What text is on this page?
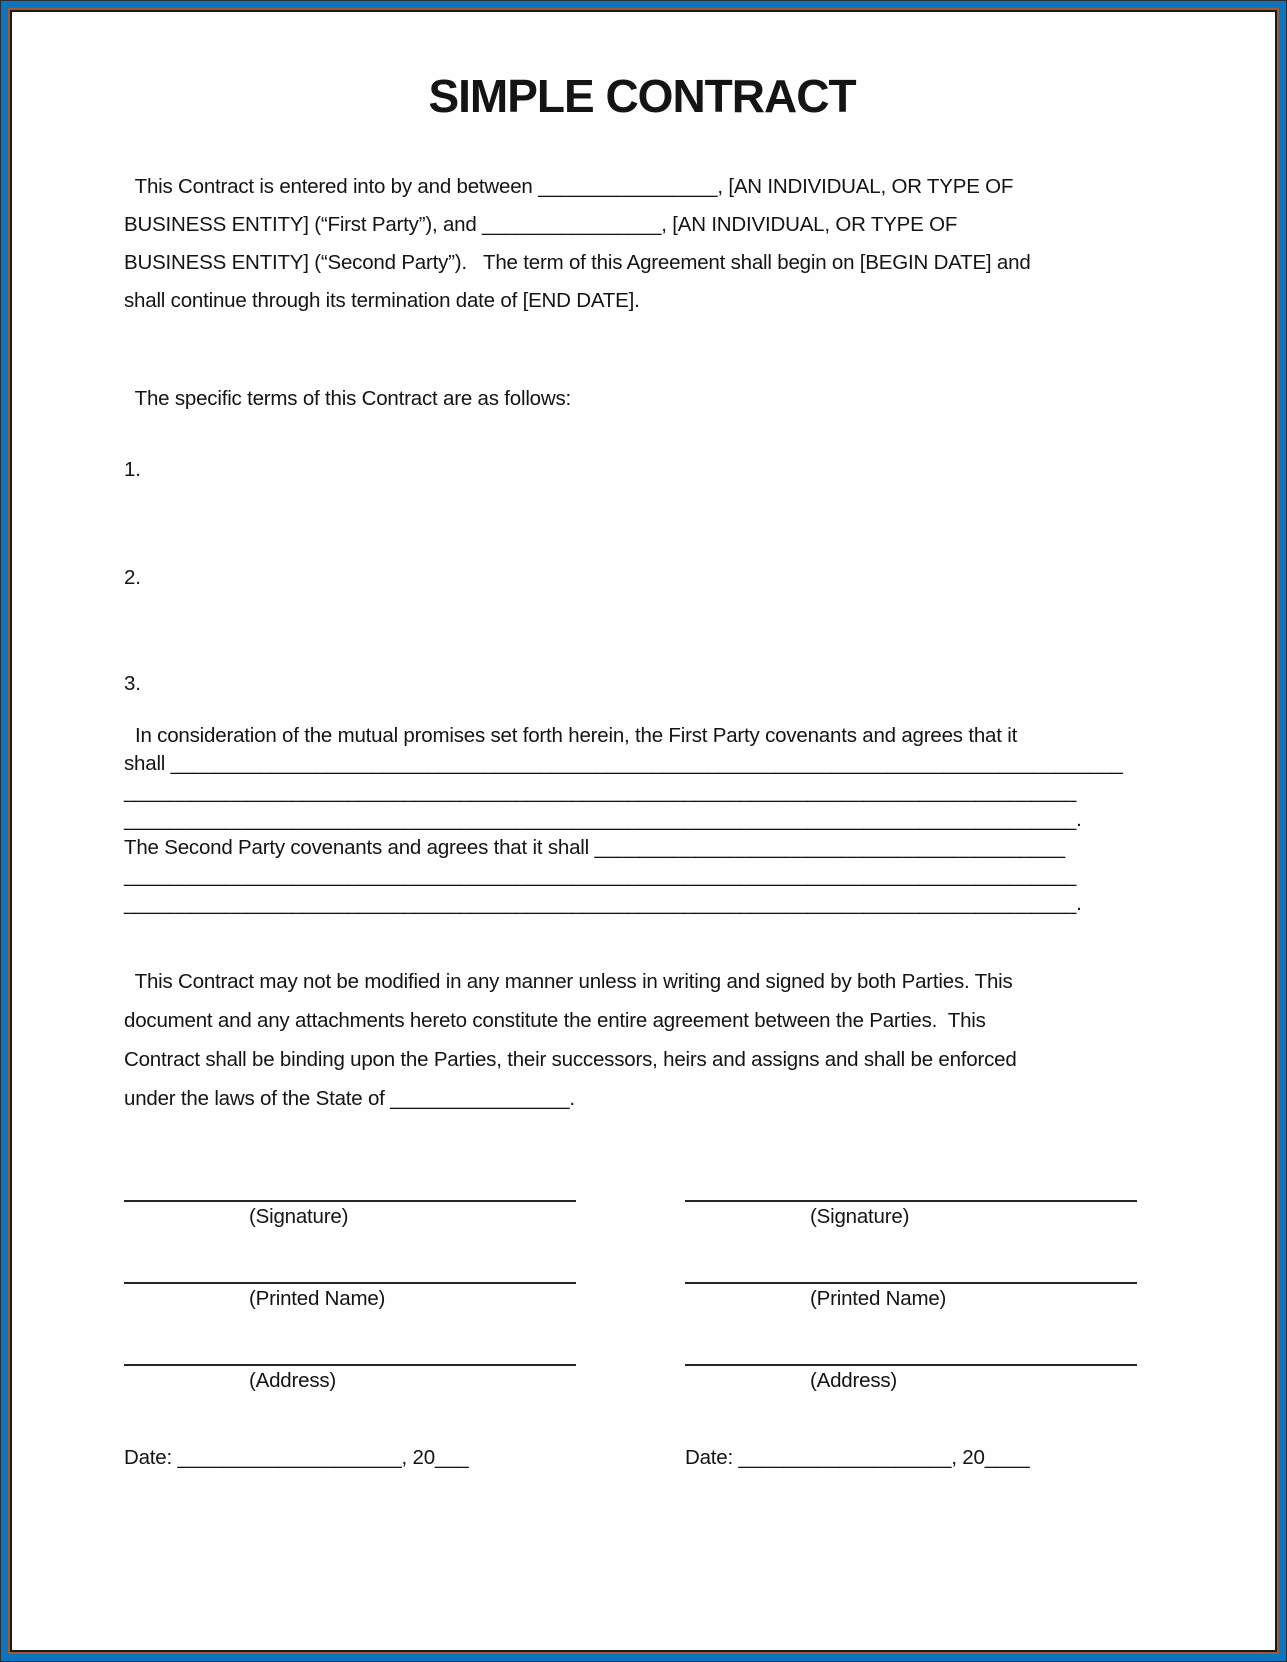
SIMPLE CONTRACT
This Contract is entered into by and between ________________, [AN INDIVIDUAL, OR TYPE OF
BUSINESS ENTITY] (“First Party”), and ________________, [AN INDIVIDUAL, OR TYPE OF
BUSINESS ENTITY] (“Second Party”).   The term of this Agreement shall begin on [BEGIN DATE] and
shall continue through its termination date of [END DATE].
The specific terms of this Contract are as follows:
1.
2.
3.
In consideration of the mutual promises set forth herein, the First Party covenants and agrees that it
shall _____________________________________________________________________________________
_____________________________________________________________________________________
_____________________________________________________________________________________.
The Second Party covenants and agrees that it shall __________________________________________
_____________________________________________________________________________________
_____________________________________________________________________________________.
This Contract may not be modified in any manner unless in writing and signed by both Parties. This
document and any attachments hereto constitute the entire agreement between the Parties.  This
Contract shall be binding upon the Parties, their successors, heirs and assigns and shall be enforced
under the laws of the State of ________________.
(Signature)
(Printed Name)
(Address)
Date: ____________________, 20___
(Signature)
(Printed Name)
(Address)
Date: ___________________, 20____
